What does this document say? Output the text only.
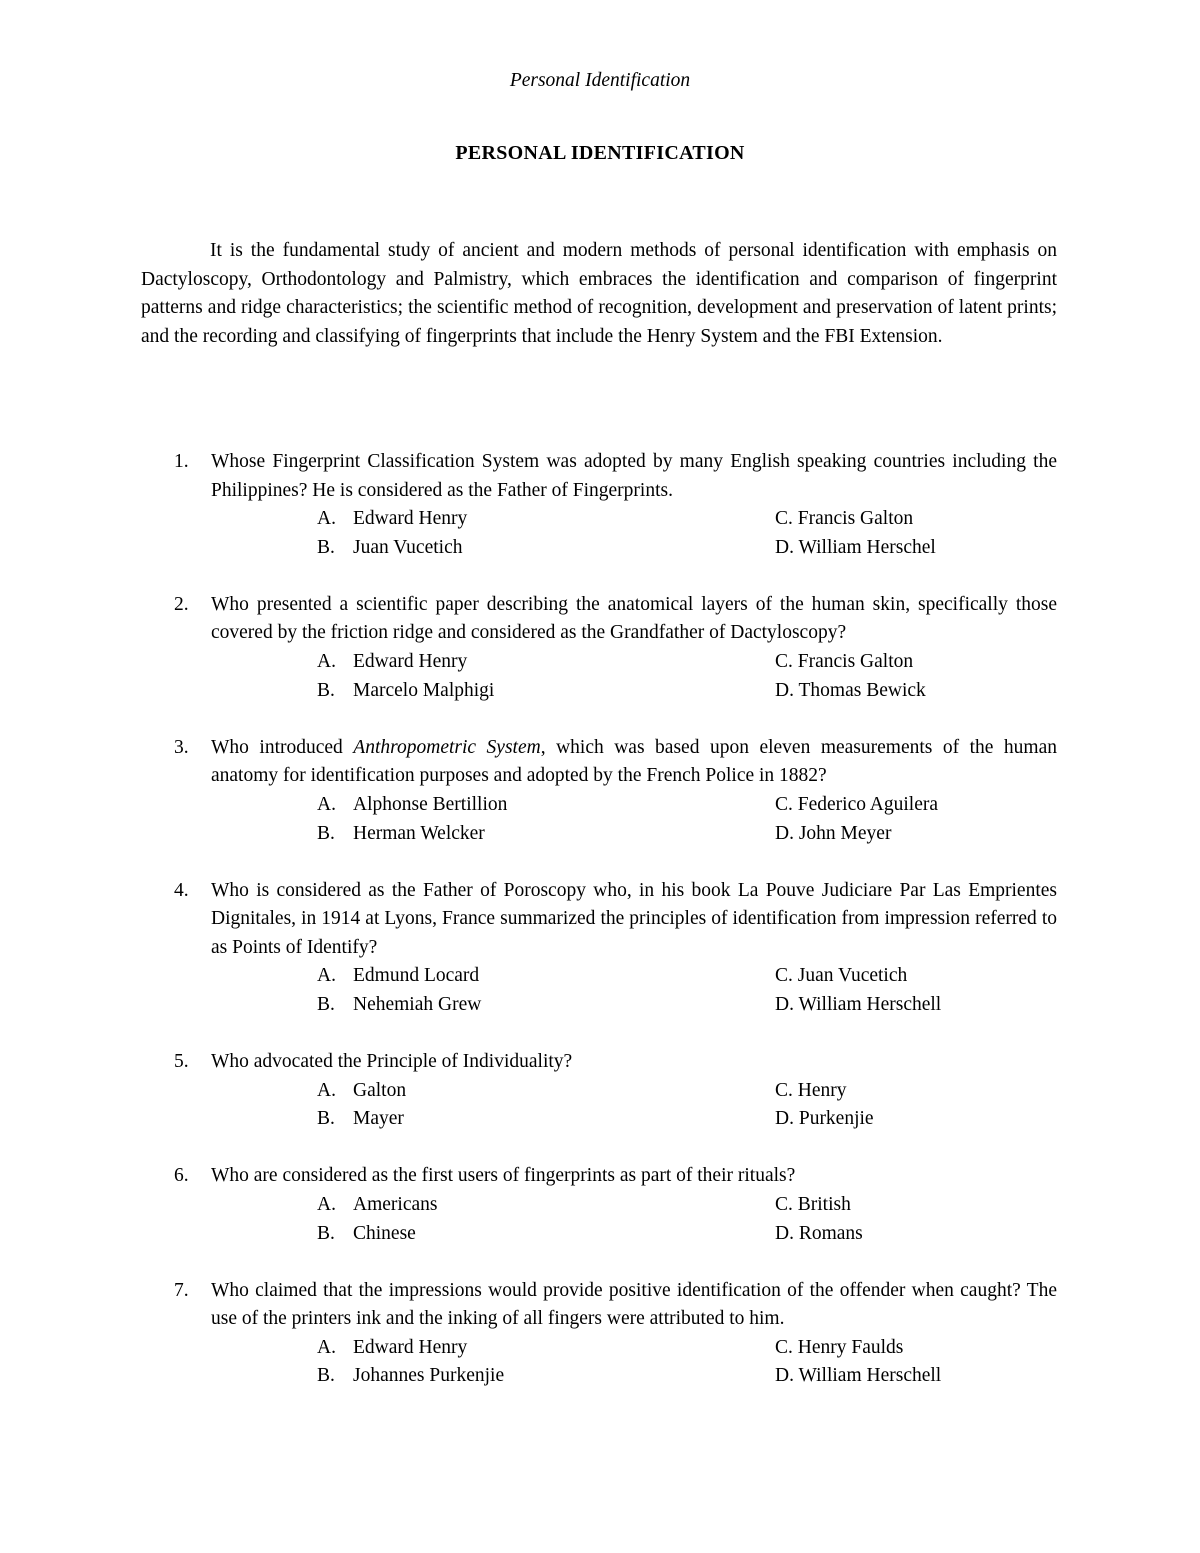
Personal Identification
PERSONAL IDENTIFICATION

It is the fundamental study of ancient and modern methods of personal identification with emphasis on Dactyloscopy, Orthodontology and Palmistry, which embraces the identification and comparison of fingerprint patterns and ridge characteristics; the scientific method of recognition, development and preservation of latent prints; and the recording and classifying of fingerprints that include the Henry System and the FBI Extension.

1. Whose Fingerprint Classification System was adopted by many English speaking countries including the Philippines? He is considered as the Father of Fingerprints.
A. Edward Henry
B. Juan Vucetich
C. Francis Galton
D. William Herschel
2. Who presented a scientific paper describing the anatomical layers of the human skin, specifically those covered by the friction ridge and considered as the Grandfather of Dactyloscopy?
A. Edward Henry
B. Marcelo Malphigi
C. Francis Galton
D. Thomas Bewick
3. Who introduced Anthropometric System, which was based upon eleven measurements of the human anatomy for identification purposes and adopted by the French Police in 1882?
A. Alphonse Bertillion
B. Herman Welcker
C. Federico Aguilera
D. John Meyer
4. Who is considered as the Father of Poroscopy who, in his book La Pouve Judiciare Par Las Emprientes Dignitales, in 1914 at Lyons, France summarized the principles of identification from impression referred to as Points of Identify?
A. Edmund Locard
B. Nehemiah Grew
C. Juan Vucetich
D. William Herschell
5. Who advocated the Principle of Individuality?
A. Galton
B. Mayer
C. Henry
D. Purkenjie
6. Who are considered as the first users of fingerprints as part of their rituals?
A. Americans
B. Chinese
C. British
D. Romans
7. Who claimed that the impressions would provide positive identification of the offender when caught? The use of the printers ink and the inking of all fingers were attributed to him.
A. Edward Henry
B. Johannes Purkenjie
C. Henry Faulds
D. William Herschell
